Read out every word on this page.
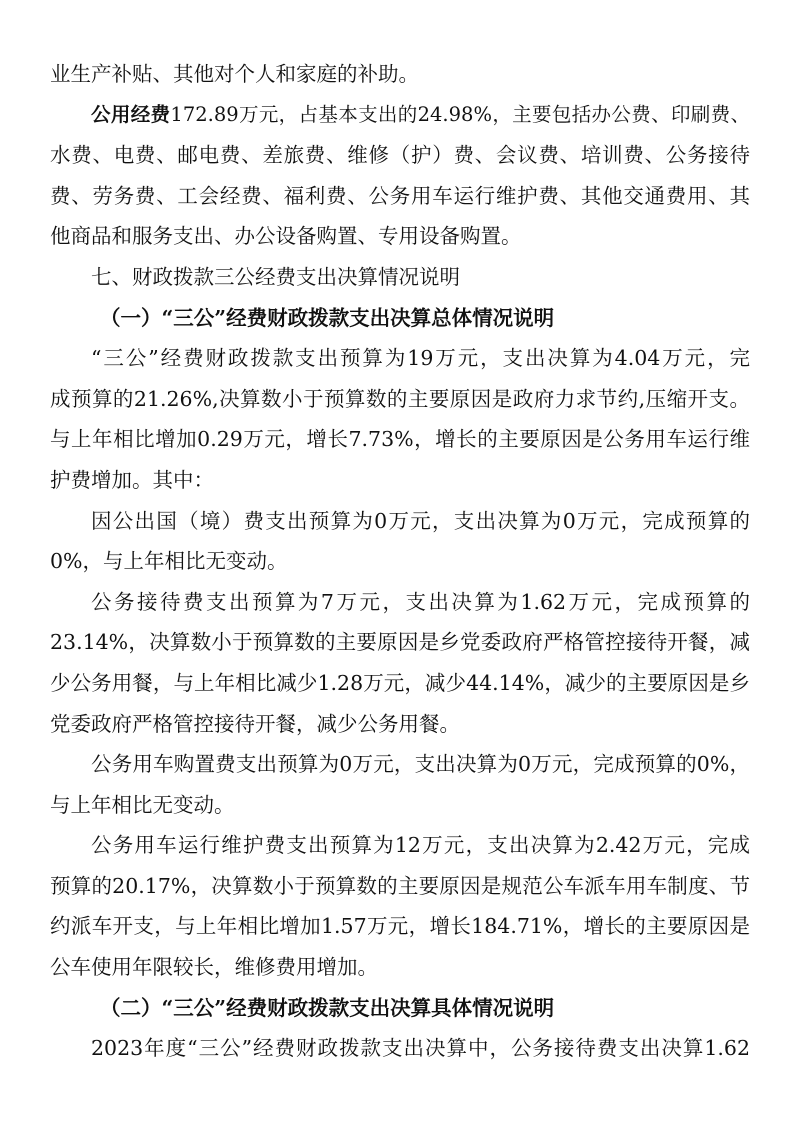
业生产补贴、其他对个人和家庭的补助。
公用经费172.89万元，占基本支出的24.98%，主要包括办公费、印刷费、
水费、电费、邮电费、差旅费、维修（护）费、会议费、培训费、公务接待
费、劳务费、工会经费、福利费、公务用车运行维护费、其他交通费用、其
他商品和服务支出、办公设备购置、专用设备购置。
七、财政拨款三公经费支出决算情况说明
（一）“三公”经费财政拨款支出决算总体情况说明
“三公”经费财政拨款支出预算为19万元，支出决算为4.04万元，完
成预算的21.26%,决算数小于预算数的主要原因是政府力求节约,压缩开支。
与上年相比增加0.29万元，增长7.73%，增长的主要原因是公务用车运行维
护费增加。其中：
因公出国（境）费支出预算为0万元，支出决算为0万元，完成预算的
0%，与上年相比无变动。
公务接待费支出预算为7万元，支出决算为1.62万元，完成预算的
23.14%，决算数小于预算数的主要原因是乡党委政府严格管控接待开餐，减
少公务用餐，与上年相比减少1.28万元，减少44.14%，减少的主要原因是乡
党委政府严格管控接待开餐，减少公务用餐。
公务用车购置费支出预算为0万元，支出决算为0万元，完成预算的0%，
与上年相比无变动。
公务用车运行维护费支出预算为12万元，支出决算为2.42万元，完成
预算的20.17%，决算数小于预算数的主要原因是规范公车派车用车制度、节
约派车开支，与上年相比增加1.57万元，增长184.71%，增长的主要原因是
公车使用年限较长，维修费用增加。
（二）“三公”经费财政拨款支出决算具体情况说明
2023年度“三公”经费财政拨款支出决算中，公务接待费支出决算1.62
